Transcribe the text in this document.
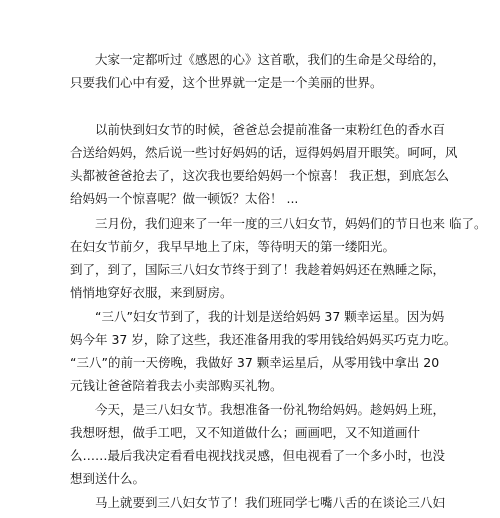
大家一定都听过《感恩的心》这首歌，我们的生命是父母给的，

只要我们心中有爱，这个世界就一定是一个美丽的世界。

以前快到妇女节的时候，爸爸总会提前准备一束粉红色的香水百

合送给妈妈，然后说一些讨好妈妈的话，逗得妈妈眉开眼笑。呵呵，风

头都被爸爸抢去了，这次我也要给妈妈一个惊喜！ 我正想，到底怎么

给妈妈一个惊喜呢？做一顿饭？太俗！ ...

三月份，我们迎来了一年一度的三八妇女节，妈妈们的节日也来 临了。

在妇女节前夕，我早早地上了床，等待明天的第一缕阳光。

到了，到了，国际三八妇女节终于到了！我趁着妈妈还在熟睡之际，

悄悄地穿好衣服，来到厨房。

“三八”妇女节到了，我的计划是送给妈妈 37 颗幸运星。因为妈

妈今年 37 岁，除了这些，我还准备用我的零用钱给妈妈买巧克力吃。

“三八”的前一天傍晚，我做好 37 颗幸运星后，从零用钱中拿出 20

元钱让爸爸陪着我去小卖部购买礼物。

今天，是三八妇女节。我想准备一份礼物给妈妈。趁妈妈上班，

我想呀想，做手工吧，又不知道做什么；画画吧，又不知道画什

么……最后我决定看看电视找找灵感，但电视看了一个多小时，也没

想到送什么。

马上就要到三八妇女节了！我们班同学七嘴八舌的在谈论三八妇
